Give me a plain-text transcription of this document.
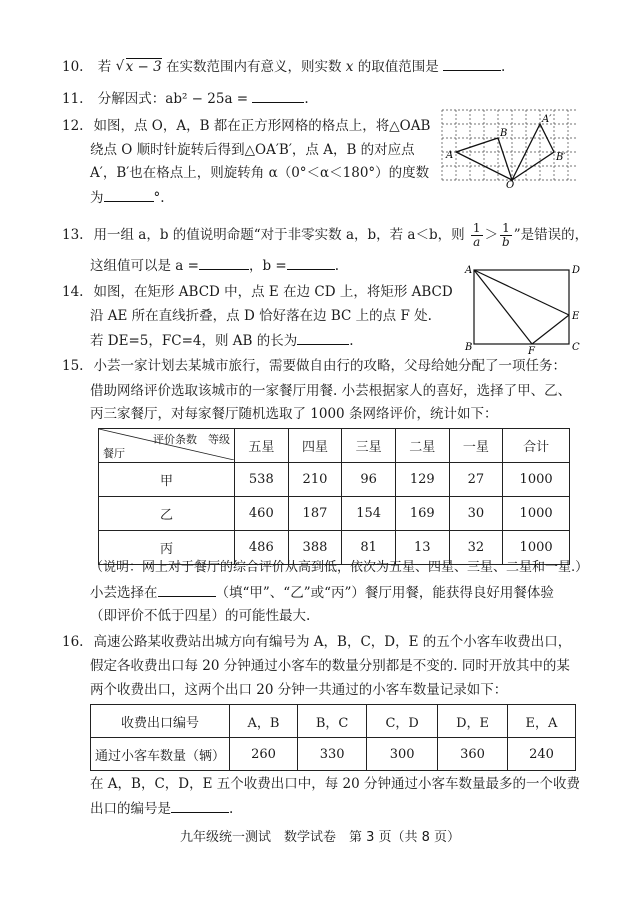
10. 若 √ x − 3 在实数范围内有意义，则实数 x 的取值范围是	.
11. 分解因式：ab² − 25a =	.
12. 如图，点 O，A，B 都在正方形网格的格点上，将△OAB
绕点 O 顺时针旋转后得到△OA′B′，点 A，B 的对应点
A′，B′也在格点上，则旋转角 α（0°＜α＜180°）的度数
为	°.
A
B
A′
B′
O
13. 用一组 a，b 的值说明命题“对于非零实数 a，b，若 a＜b，则 $\frac{1}{a} > \frac{1}{b}$ ”是错误的，
这组值可以是 a =	，b =	.
14. 如图，在矩形 ABCD 中，点 E 在边 CD 上，将矩形 ABCD
沿 AE 所在直线折叠，点 D 恰好落在边 BC 上的点 F 处.
若 DE=5，FC=4，则 AB 的长为	.
A
B	C
D
E
F
15. 小芸一家计划去某城市旅行，需要做自由行的攻略，父母给她分配了一项任务：
借助网络评价选取该城市的一家餐厅用餐. 小芸根据家人的喜好，选择了甲、乙、
丙三家餐厅，对每家餐厅随机选取了 1000 条网络评价，统计如下：
评价条数　等级
餐厅	五星	四星	三星	二星	一星	合计
甲	538	210	96	129	27	1000
乙	460	187	154	169	30	1000
丙	486	388	81	13	32	1000
（说明：网上对于餐厅的综合评价从高到低，依次为五星、四星、三星、二星和一星.）
小芸选择在	（填“甲”、“乙”或“丙”）餐厅用餐，能获得良好用餐体验
（即评价不低于四星）的可能性最大.
16. 高速公路某收费站出城方向有编号为 A，B，C，D，E 的五个小客车收费出口，
假定各收费出口每 20 分钟通过小客车的数量分别都是不变的. 同时开放其中的某
两个收费出口，这两个出口 20 分钟一共通过的小客车数量记录如下：
收费出口编号	A，B	B，C	C，D	D，E	E，A
通过小客车数量（辆）	260	330	300	360	240
在 A，B，C，D，E 五个收费出口中，每 20 分钟通过小客车数量最多的一个收费
出口的编号是	.
九年级统一测试　数学试卷　第 3 页（共 8 页）
